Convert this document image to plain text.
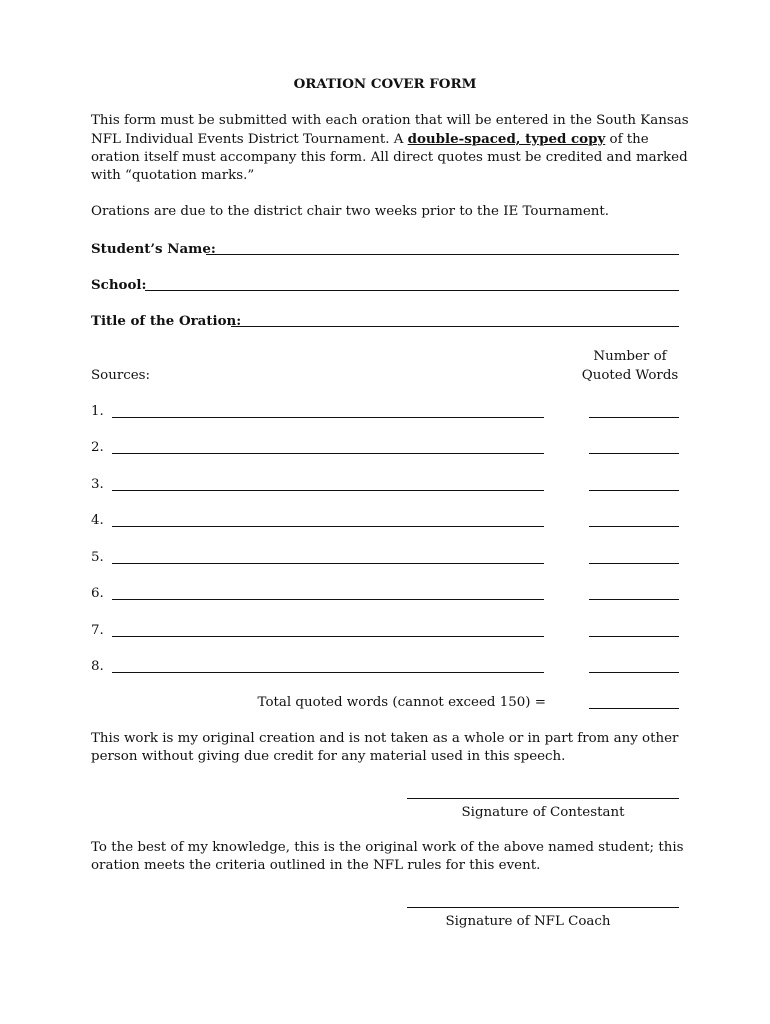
ORATION COVER FORM
This form must be submitted with each oration that will be entered in the South Kansas NFL Individual Events District Tournament. A double-spaced, typed copy of the oration itself must accompany this form. All direct quotes must be credited and marked with “quotation marks.”
Orations are due to the district chair two weeks prior to the IE Tournament.
Student’s Name:
School:
Title of the Oration:
Number of
Quoted Words
Sources:
1.
2.
3.
4.
5.
6.
7.
8.
Total quoted words (cannot exceed 150) =
This work is my original creation and is not taken as a whole or in part from any other person without giving due credit for any material used in this speech.
Signature of Contestant
To the best of my knowledge, this is the original work of the above named student; this oration meets the criteria outlined in the NFL rules for this event.
Signature of NFL Coach
